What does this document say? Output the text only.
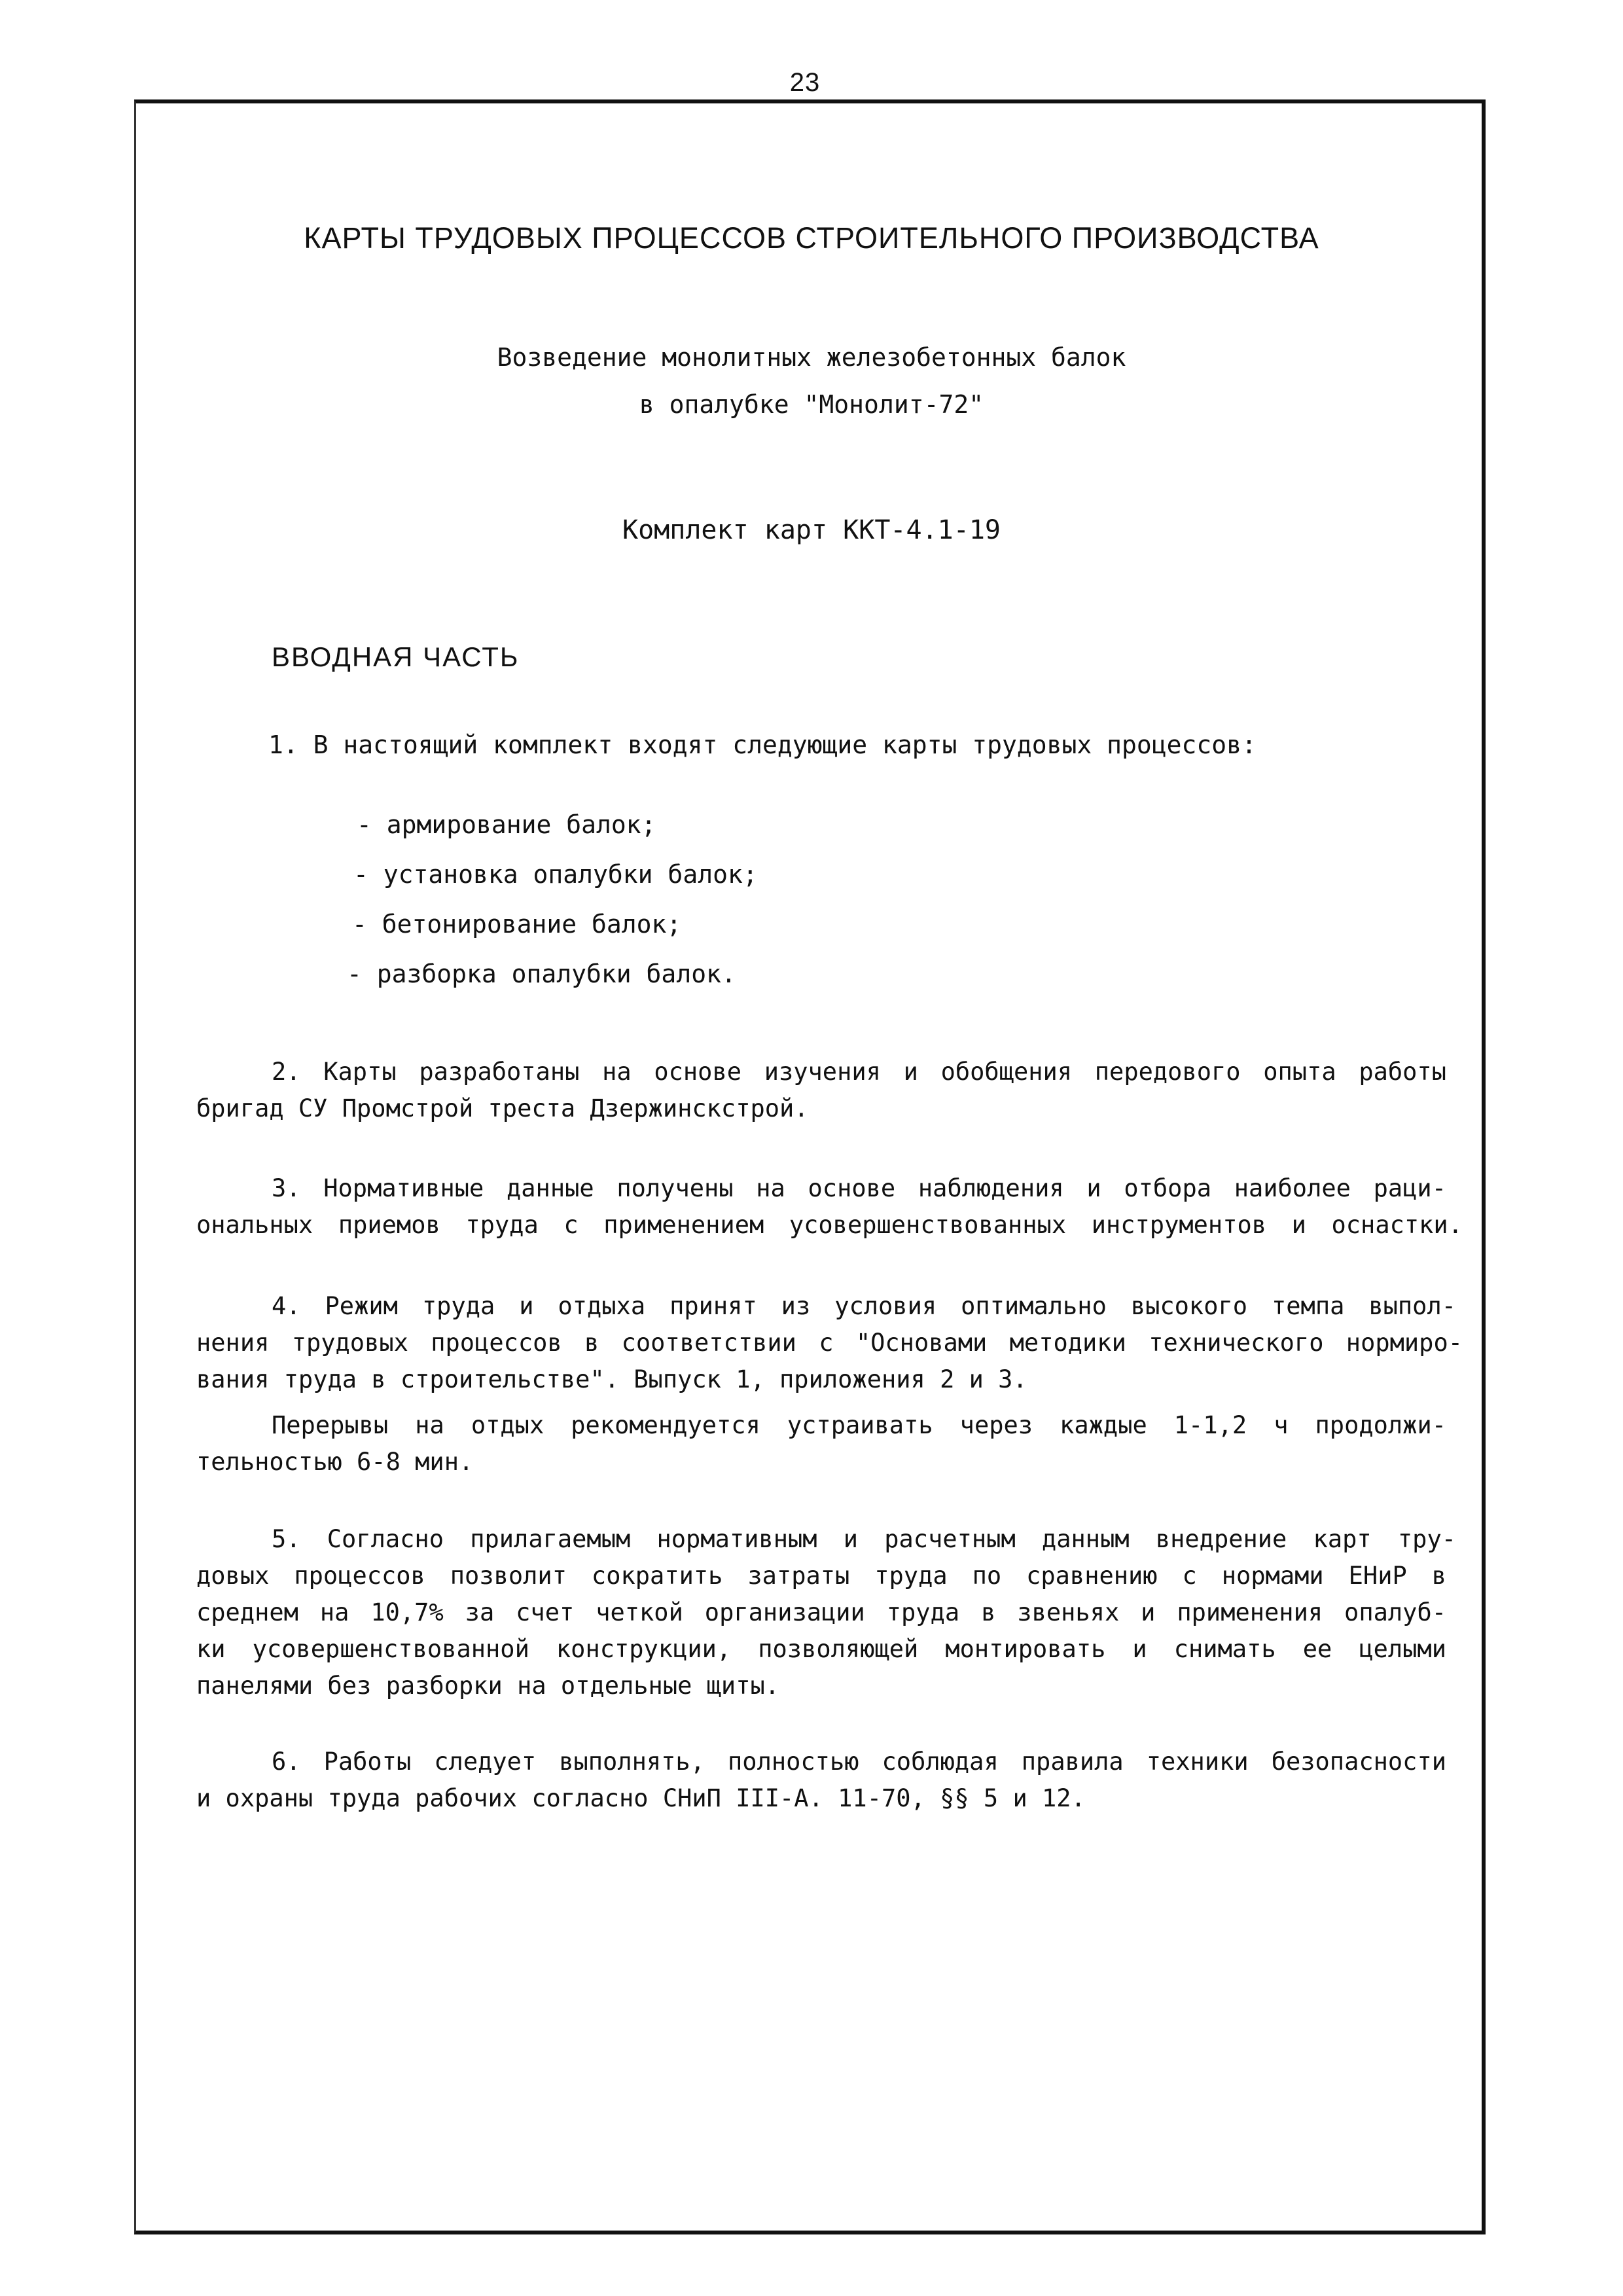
23
КАРТЫ ТРУДОВЫХ ПРОЦЕССОВ СТРОИТЕЛЬНОГО ПРОИЗВОДСТВА
Возведение монолитных железобетонных балок
в опалубке "Монолит-72"
Комплект карт ККТ-4.1-19
ВВОДНАЯ ЧАСТЬ
1. В настоящий комплект входят следующие карты трудовых процессов:
- армирование балок;
- установка опалубки балок;
- бетонирование балок;
- разборка опалубки балок.
2. Карты разработаны на основе изучения и обобщения передового опыта работы
бригад СУ Промстрой треста Дзержинскстрой.
3. Нормативные данные получены на основе наблюдения и отбора наиболее раци-
ональных приемов труда с применением усовершенствованных инструментов и оснастки.
4. Режим труда и отдыха принят из условия оптимально высокого темпа выпол-
нения трудовых процессов в соответствии с "Основами методики технического нормиро-
вания труда в строительстве". Выпуск 1, приложения 2 и 3.
Перерывы на отдых рекомендуется устраивать через каждые 1-1,2 ч продолжи-
тельностью 6-8 мин.
5. Согласно прилагаемым нормативным и расчетным данным внедрение карт тру-
довых процессов позволит сократить затраты труда по сравнению с нормами ЕНиР в
среднем на 10,7% за счет четкой организации труда в звеньях и применения опалуб-
ки усовершенствованной конструкции, позволяющей монтировать и снимать ее целыми
панелями без разборки на отдельные щиты.
6. Работы следует выполнять, полностью соблюдая правила техники безопасности
и охраны труда рабочих согласно СНиП III-А. 11-70, §§ 5 и 12.
